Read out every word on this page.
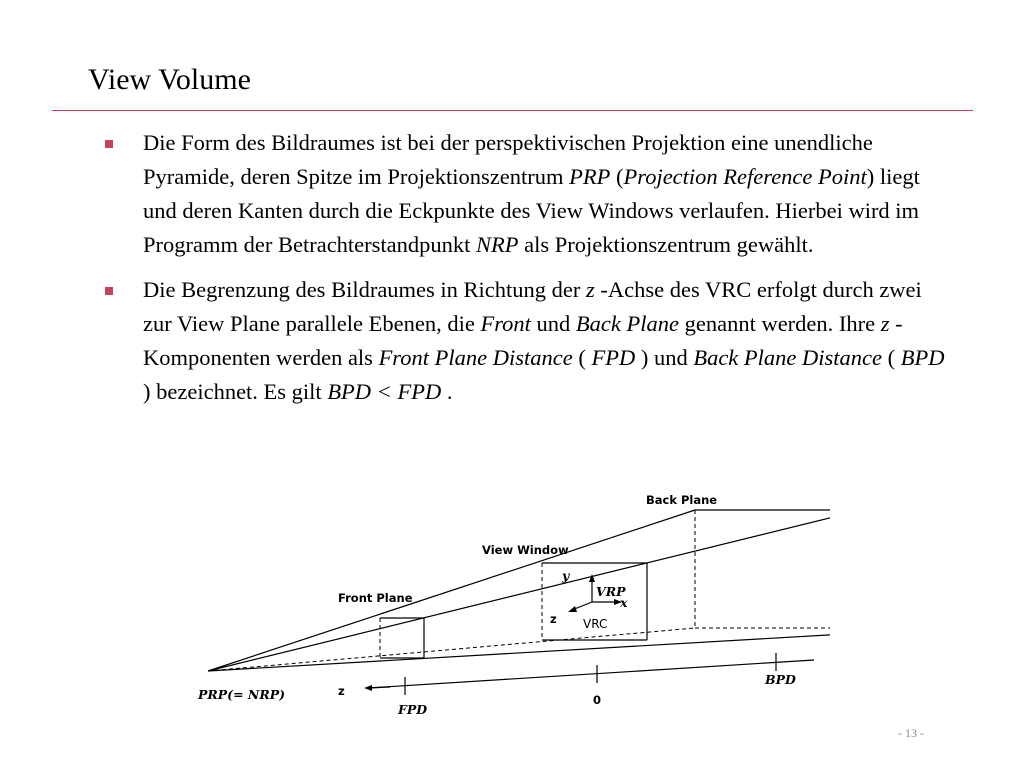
View Volume
Die Form des Bildraumes ist bei der perspektivischen Projektion eine unendliche Pyramide, deren Spitze im Projektionszentrum PRP (Projection Reference Point) liegt und deren Kanten durch die Eckpunkte des View Windows verlaufen. Hierbei wird im Programm der Betrachterstandpunkt NRP als Projektionszentrum gewählt.
Die Begrenzung des Bildraumes in Richtung der z -Achse des VRC erfolgt durch zwei zur View Plane parallele Ebenen, die Front und Back Plane genannt werden. Ihre z -Komponenten werden als Front Plane Distance ( FPD ) und Back Plane Distance ( BPD ) bezeichnet. Es gilt BPD < FPD .
Back Plane
View Window
Front Plane
PRP(= NRP)	z
FPD
0
BPD
y
VRP
x
z VRC
- 13 -
